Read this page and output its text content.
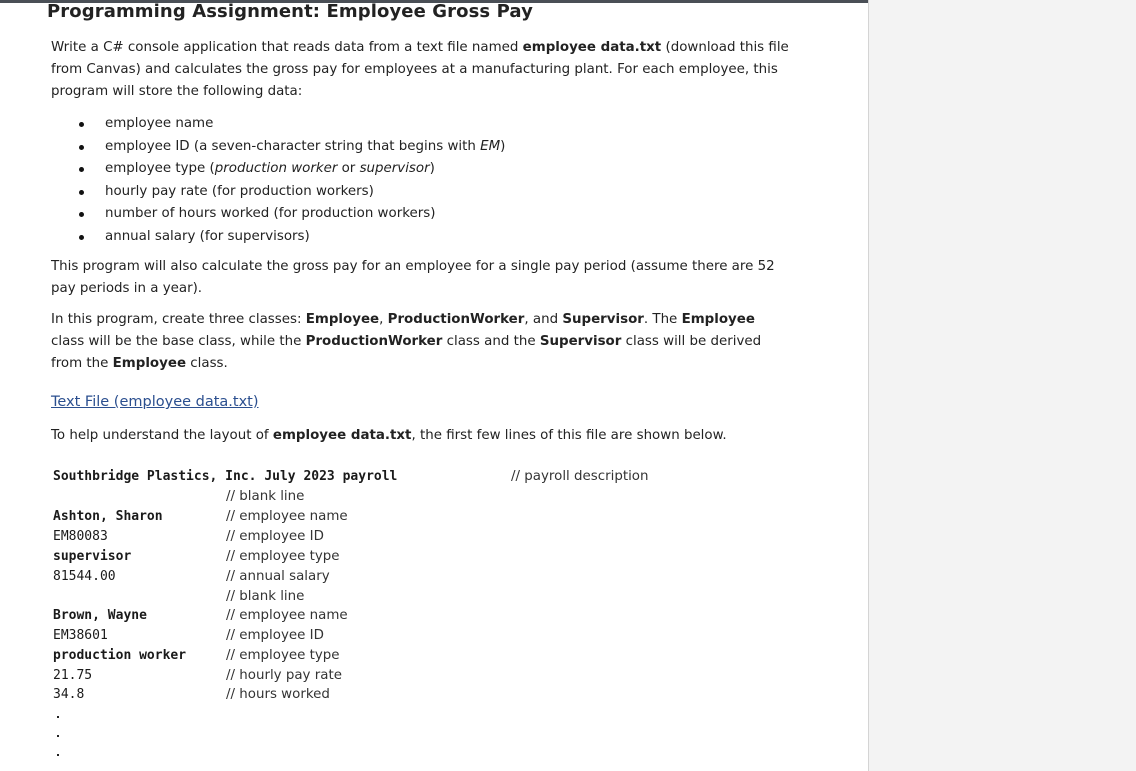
Programming Assignment: Employee Gross Pay

Write a C# console application that reads data from a text file named employee data.txt (download this file from Canvas) and calculates the gross pay for employees at a manufacturing plant. For each employee, this program will store the following data:

employee name
employee ID (a seven-character string that begins with EM)
employee type (production worker or supervisor)
hourly pay rate (for production workers)
number of hours worked (for production workers)
annual salary (for supervisors)

This program will also calculate the gross pay for an employee for a single pay period (assume there are 52 pay periods in a year).

In this program, create three classes: Employee, ProductionWorker, and Supervisor. The Employee class will be the base class, while the ProductionWorker class and the Supervisor class will be derived from the Employee class.

Text File (employee data.txt)

To help understand the layout of employee data.txt, the first few lines of this file are shown below.

Southbridge Plastics, Inc. July 2023 payroll	// payroll description
// blank line
Ashton, Sharon	// employee name
EM80083	// employee ID
supervisor	// employee type
81544.00	// annual salary
// blank line
Brown, Wayne	// employee name
EM38601	// employee ID
production worker	// employee type
21.75	// hourly pay rate
34.8	// hours worked
